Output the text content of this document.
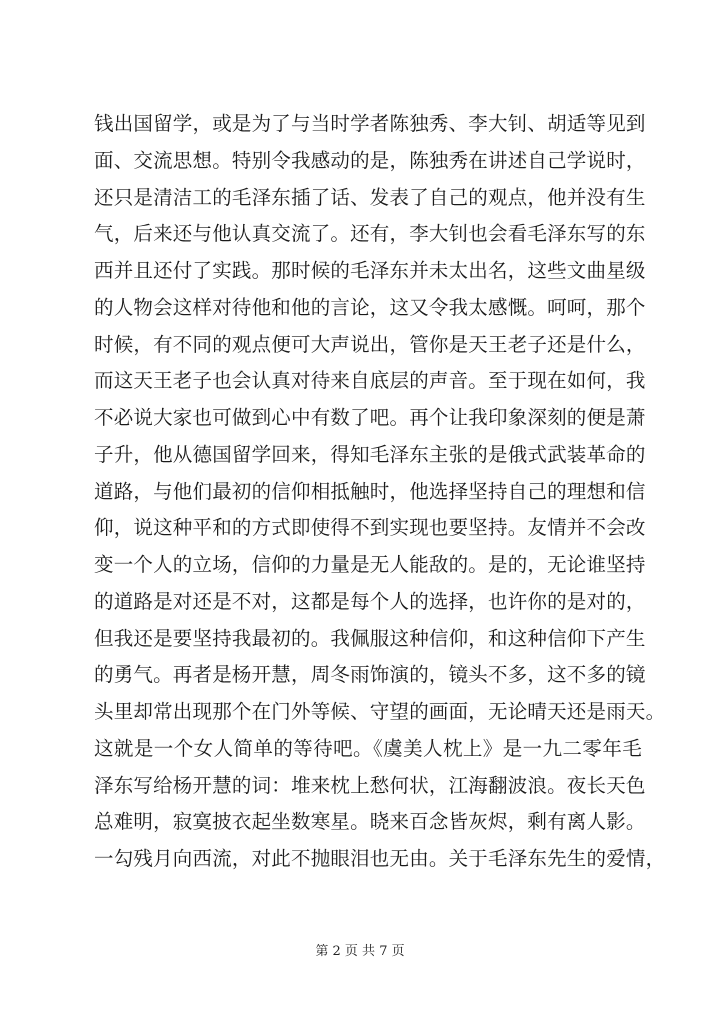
钱出国留学，或是为了与当时学者陈独秀、李大钊、胡适等见到
面、交流思想。特别令我感动的是，陈独秀在讲述自己学说时，
还只是清洁工的毛泽东插了话、发表了自己的观点，他并没有生
气，后来还与他认真交流了。还有，李大钊也会看毛泽东写的东
西并且还付了实践。那时候的毛泽东并未太出名，这些文曲星级
的人物会这样对待他和他的言论，这又令我太感慨。呵呵，那个
时候，有不同的观点便可大声说出，管你是天王老子还是什么，
而这天王老子也会认真对待来自底层的声音。至于现在如何，我
不必说大家也可做到心中有数了吧。再个让我印象深刻的便是萧
子升，他从德国留学回来，得知毛泽东主张的是俄式武装革命的
道路，与他们最初的信仰相抵触时，他选择坚持自己的理想和信
仰，说这种平和的方式即使得不到实现也要坚持。友情并不会改
变一个人的立场，信仰的力量是无人能敌的。是的，无论谁坚持
的道路是对还是不对，这都是每个人的选择，也许你的是对的，
但我还是要坚持我最初的。我佩服这种信仰，和这种信仰下产生
的勇气。再者是杨开慧，周冬雨饰演的，镜头不多，这不多的镜
头里却常出现那个在门外等候、守望的画面，无论晴天还是雨天。
这就是一个女人简单的等待吧。《虞美人枕上》是一九二零年毛
泽东写给杨开慧的词：堆来枕上愁何状，江海翻波浪。夜长天色
总难明，寂寞披衣起坐数寒星。晓来百念皆灰烬，剩有离人影。
一勾残月向西流，对此不抛眼泪也无由。关于毛泽东先生的爱情，
第 2 页 共 7 页
